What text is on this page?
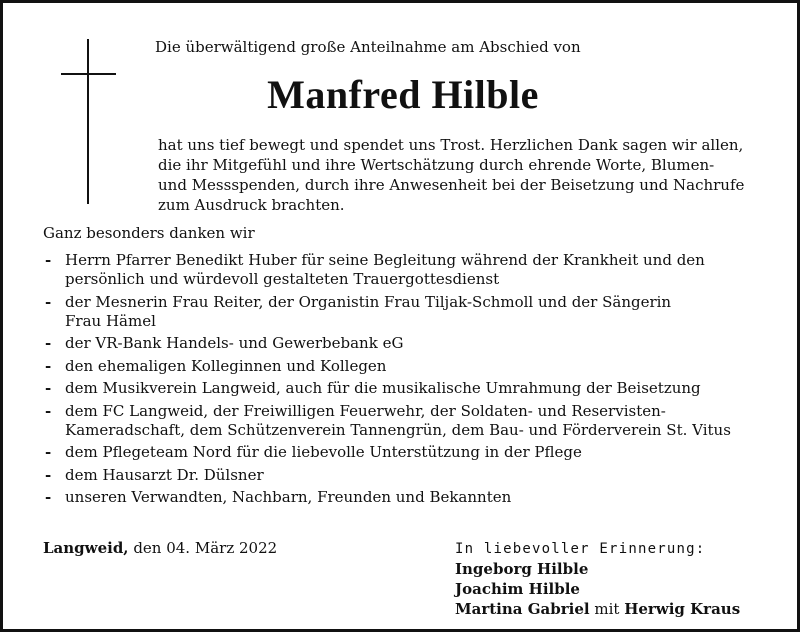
Die überwältigend große Anteilnahme am Abschied von
Manfred Hilble
hat uns tief bewegt und spendet uns Trost. Herzlichen Dank sagen wir allen,
die ihr Mitgefühl und ihre Wertschätzung durch ehrende Worte, Blumen-
und Messspenden, durch ihre Anwesenheit bei der Beisetzung und Nachrufe
zum Ausdruck brachten.
Ganz besonders danken wir
- Herrn Pfarrer Benedikt Huber für seine Begleitung während der Krankheit und den
persönlich und würdevoll gestalteten Trauergottesdienst
- der Mesnerin Frau Reiter, der Organistin Frau Tiljak-Schmoll und der Sängerin
Frau Hämel
- der VR-Bank Handels- und Gewerbebank eG
- den ehemaligen Kolleginnen und Kollegen
- dem Musikverein Langweid, auch für die musikalische Umrahmung der Beisetzung
- dem FC Langweid, der Freiwilligen Feuerwehr, der Soldaten- und Reservisten-
Kameradschaft, dem Schützenverein Tannengrün, dem Bau- und Förderverein St. Vitus
- dem Pflegeteam Nord für die liebevolle Unterstützung in der Pflege
- dem Hausarzt Dr. Dülsner
- unseren Verwandten, Nachbarn, Freunden und Bekannten
Langweid, den 04. März 2022	In liebevoller Erinnerung:
Ingeborg Hilble
Joachim Hilble
Martina Gabriel mit Herwig Kraus
